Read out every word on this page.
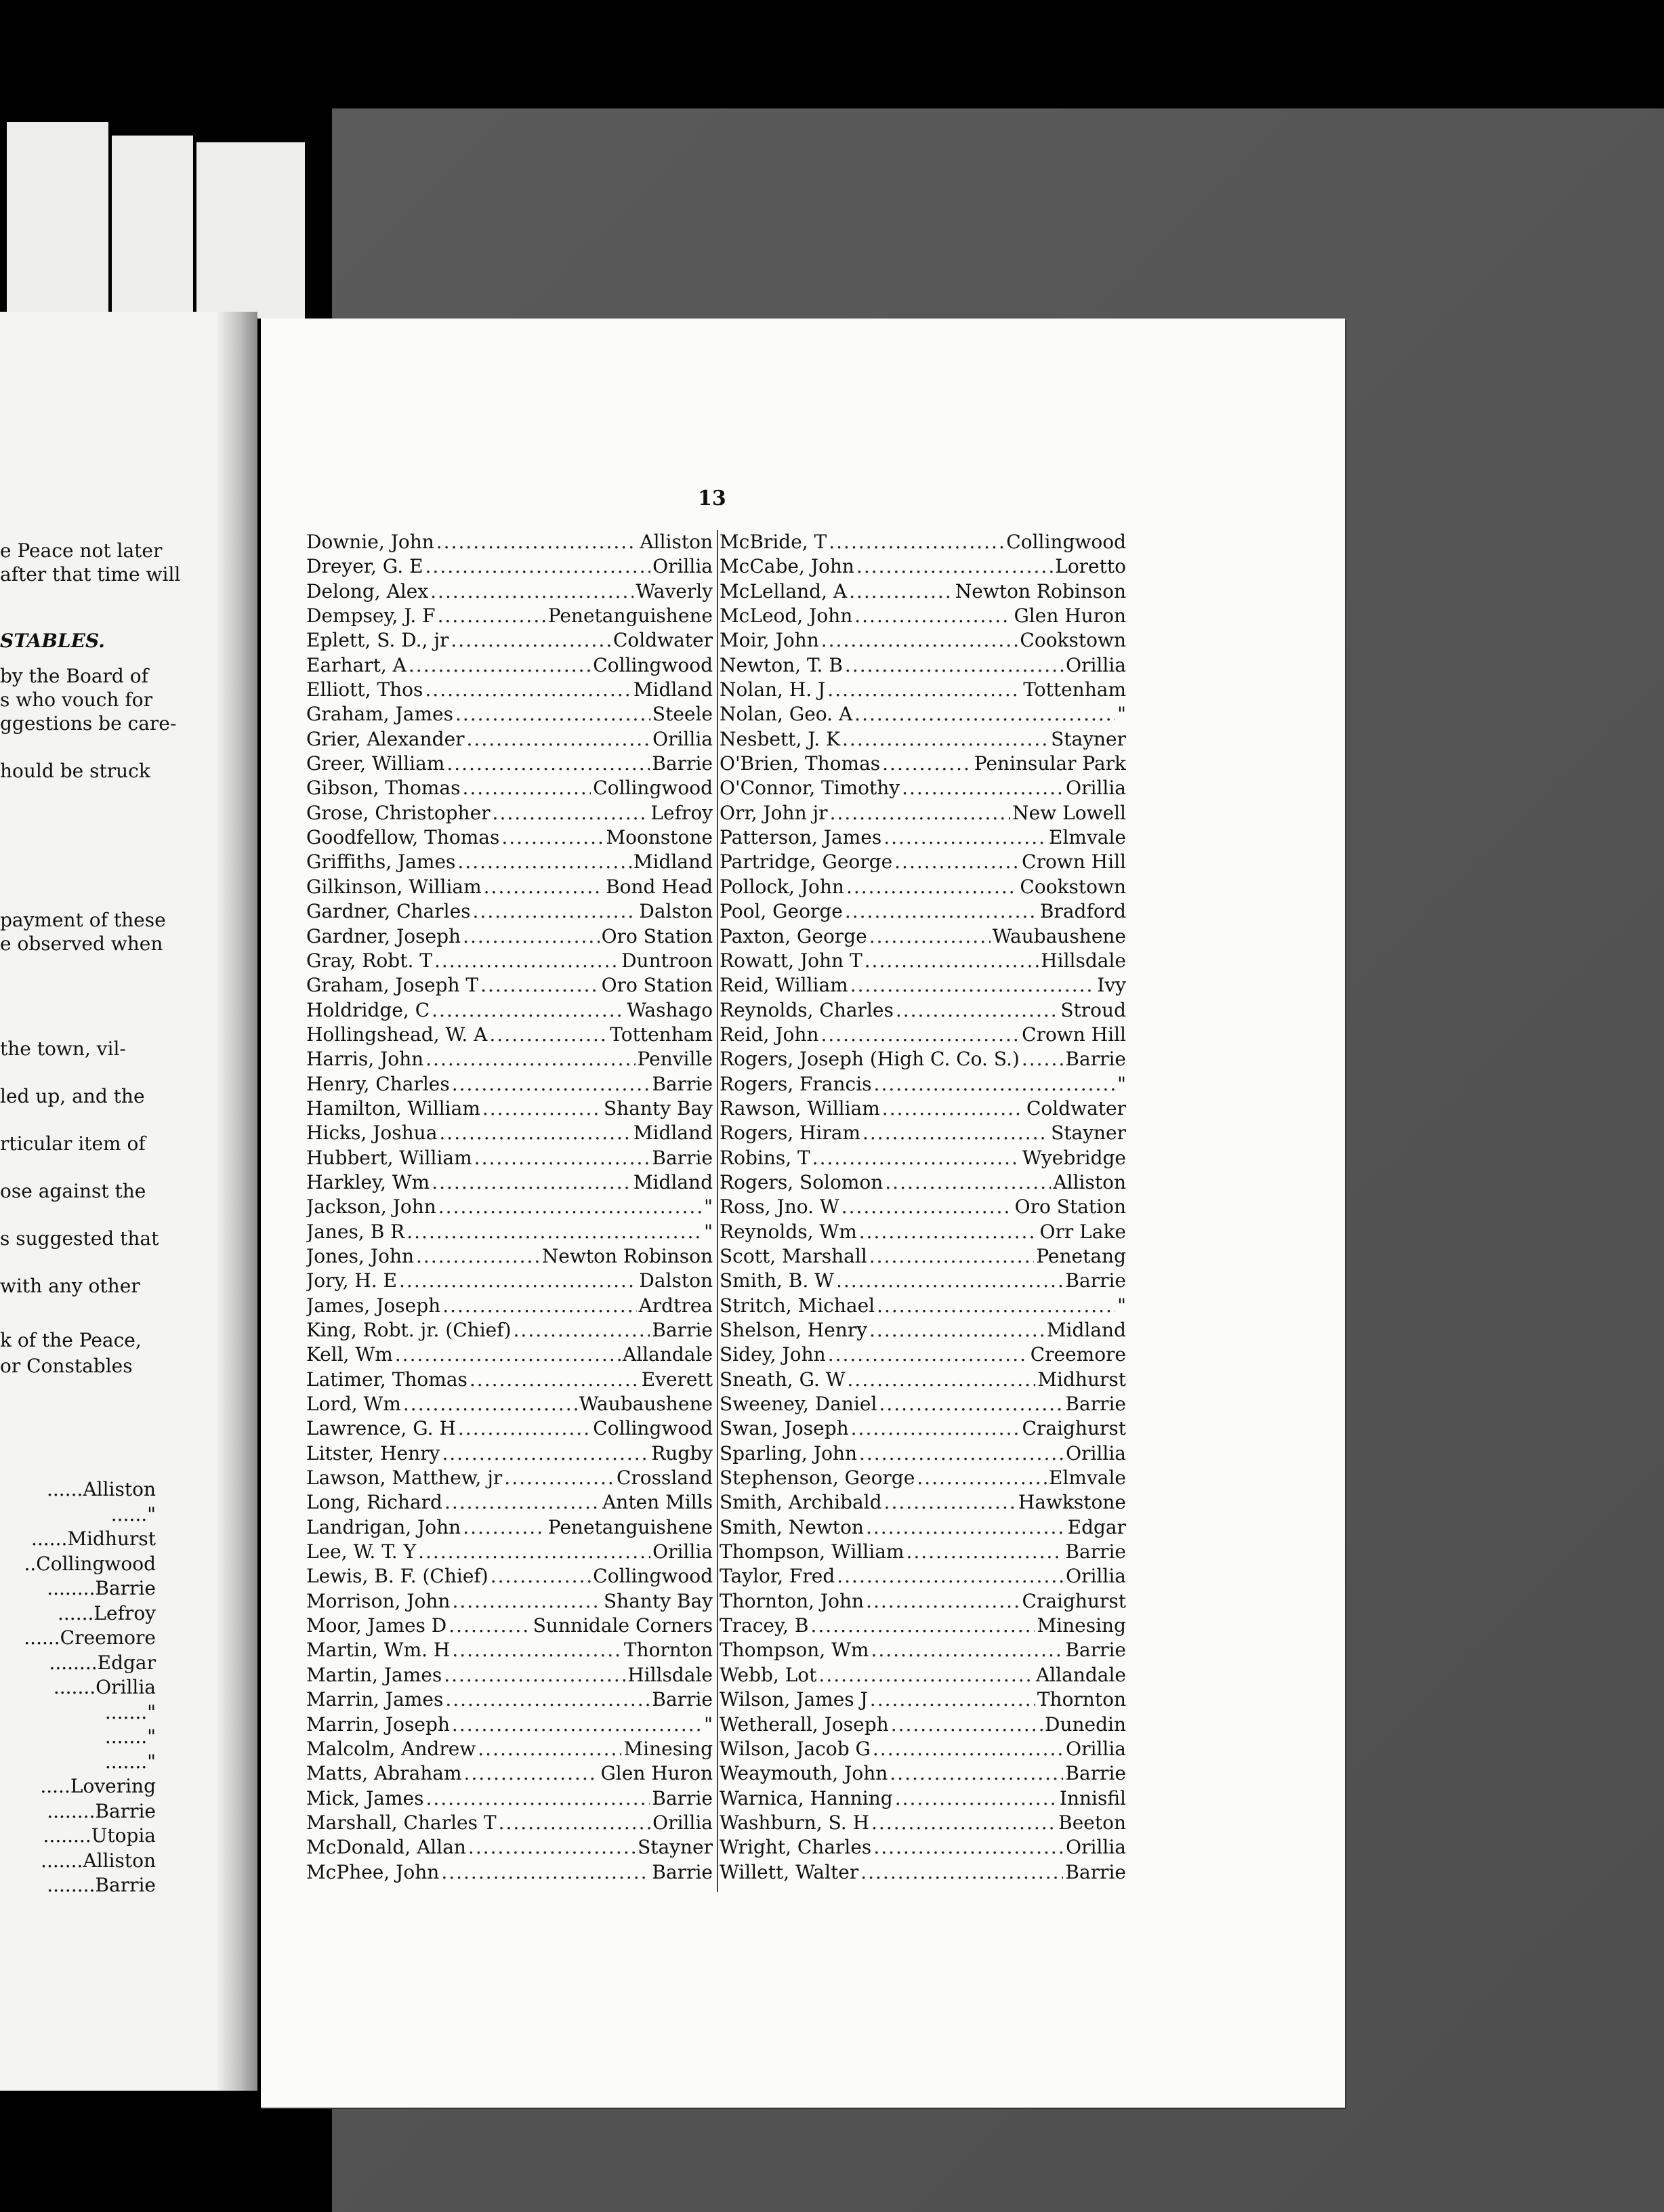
e Peace not later
after that time will
STABLES.
by the Board of
s who vouch for
ggestions be care-
hould be struck
payment of these
e observed when
the town, vil-
led up, and the
rticular item of
ose against the
s suggested that
with any other
k of the Peace,
or Constables
......Alliston
......"
......Midhurst
..Collingwood
........Barrie
......Lefroy
......Creemore
........Edgar
.......Orillia
......."
......."
......."
.....Lovering
........Barrie
........Utopia
.......Alliston
........Barrie
13
Downie, John .....	Alliston
Dreyer, G. E .....	Orillia
Delong, Alex .....	Waverly
Dempsey, J. F .....	Penetanguishene
Eplett, S. D., jr .....	Coldwater
Earhart, A .....	Collingwood
Elliott, Thos .....	Midland
Graham, James .....	Steele
Grier, Alexander .....	Orillia
Greer, William .....	Barrie
Gibson, Thomas .....	Collingwood
Grose, Christopher .....	Lefroy
Goodfellow, Thomas .....	Moonstone
Griffiths, James .....	Midland
Gilkinson, William .....	Bond Head
Gardner, Charles .....	Dalston
Gardner, Joseph .....	Oro Station
Gray, Robt. T .....	Duntroon
Graham, Joseph T .....	Oro Station
Holdridge, C .....	Washago
Hollingshead, W. A .....	Tottenham
Harris, John .....	Penville
Henry, Charles .....	Barrie
Hamilton, William .....	Shanty Bay
Hicks, Joshua .....	Midland
Hubbert, William .....	Barrie
Harkley, Wm .....	Midland
Jackson, John .....	"
Janes, B R .....	"
Jones, John .....	Newton Robinson
Jory, H. E .....	Dalston
James, Joseph .....	Ardtrea
King, Robt. jr. (Chief) .....	Barrie
Kell, Wm .....	Allandale
Latimer, Thomas .....	Everett
Lord, Wm .....	Waubaushene
Lawrence, G. H .....	Collingwood
Litster, Henry .....	Rugby
Lawson, Matthew, jr .....	Crossland
Long, Richard .....	Anten Mills
Landrigan, John .....	Penetanguishene
Lee, W. T. Y .....	Orillia
Lewis, B. F. (Chief) .....	Collingwood
Morrison, John .....	Shanty Bay
Moor, James D .....	Sunnidale Corners
Martin, Wm. H .....	Thornton
Martin, James .....	Hillsdale
Marrin, James .....	Barrie
Marrin, Joseph .....	"
Malcolm, Andrew .....	Minesing
Matts, Abraham .....	Glen Huron
Mick, James .....	Barrie
Marshall, Charles T .....	Orillia
McDonald, Allan .....	Stayner
McPhee, John .....	Barrie
McBride, T .....	Collingwood
McCabe, John .....	Loretto
McLelland, A .....	Newton Robinson
McLeod, John .....	Glen Huron
Moir, John .....	Cookstown
Newton, T. B .....	Orillia
Nolan, H. J .....	Tottenham
Nolan, Geo. A .....	"
Nesbett, J. K .....	Stayner
O'Brien, Thomas .....	Peninsular Park
O'Connor, Timothy .....	Orillia
Orr, John jr .....	New Lowell
Patterson, James .....	Elmvale
Partridge, George .....	Crown Hill
Pollock, John .....	Cookstown
Pool, George .....	Bradford
Paxton, George .....	Waubaushene
Rowatt, John T .....	Hillsdale
Reid, William .....	Ivy
Reynolds, Charles .....	Stroud
Reid, John .....	Crown Hill
Rogers, Joseph (High C. Co. S.) ..... Barrie
Rogers, Francis .....	"
Rawson, William .....	Coldwater
Rogers, Hiram .....	Stayner
Robins, T .....	Wyebridge
Rogers, Solomon .....	Alliston
Ross, Jno. W .....	Oro Station
Reynolds, Wm .....	Orr Lake
Scott, Marshall .....	Penetang
Smith, B. W .....	Barrie
Stritch, Michael .....	"
Shelson, Henry .....	Midland
Sidey, John .....	Creemore
Sneath, G. W .....	Midhurst
Sweeney, Daniel .....	Barrie
Swan, Joseph .....	Craighurst
Sparling, John .....	Orillia
Stephenson, George .....	Elmvale
Smith, Archibald .....	Hawkstone
Smith, Newton .....	Edgar
Thompson, William .....	Barrie
Taylor, Fred .....	Orillia
Thornton, John .....	Craighurst
Tracey, B .....	Minesing
Thompson, Wm .....	Barrie
Webb, Lot .....	Allandale
Wilson, James J .....	Thornton
Wetherall, Joseph .....	Dunedin
Wilson, Jacob G .....	Orillia
Weaymouth, John .....	Barrie
Warnica, Hanning .....	Innisfil
Washburn, S. H .....	Beeton
Wright, Charles .....	Orillia
Willett, Walter .....	Barrie
